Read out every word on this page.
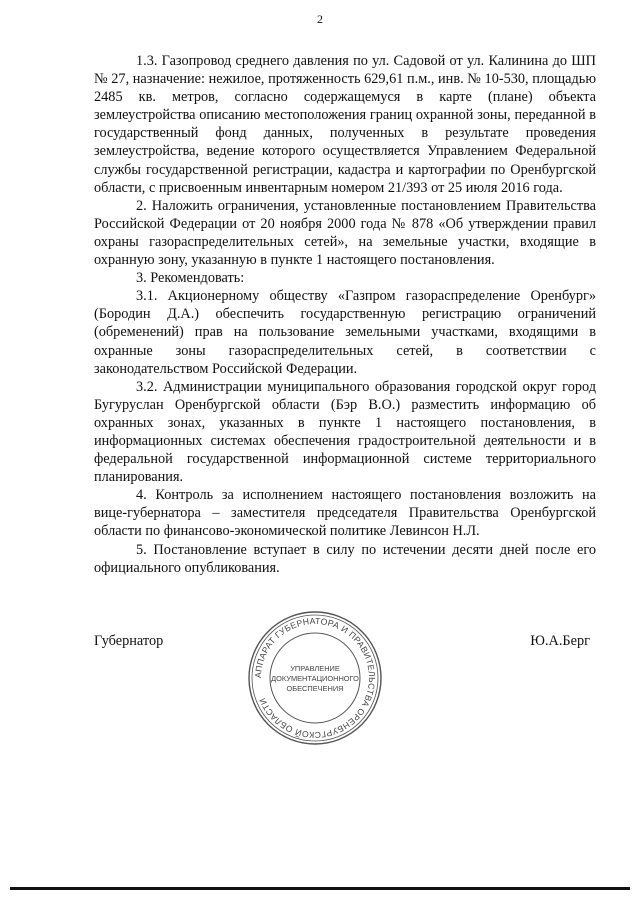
2

1.3. Газопровод среднего давления по ул. Садовой от ул. Калинина до ШП № 27, назначение: нежилое, протяженность 629,61 п.м., инв. № 10-530, площадью 2485 кв. метров, согласно содержащемуся в карте (плане) объекта землеустройства описанию местоположения границ охранной зоны, переданной в государственный фонд данных, полученных в результате проведения землеустройства, ведение которого осуществляется Управлением Федеральной службы государственной регистрации, кадастра и картографии по Оренбургской области, с присвоенным инвентарным номером 21/393 от 25 июля 2016 года.

2. Наложить ограничения, установленные постановлением Правительства Российской Федерации от 20 ноября 2000 года № 878 «Об утверждении правил охраны газораспределительных сетей», на земельные участки, входящие в охранную зону, указанную в пункте 1 настоящего постановления.

3. Рекомендовать:

3.1. Акционерному обществу «Газпром газораспределение Оренбург» (Бородин Д.А.) обеспечить государственную регистрацию ограничений (обременений) прав на пользование земельными участками, входящими в охранные зоны газораспределительных сетей, в соответствии с законодательством Российской Федерации.

3.2. Администрации муниципального образования городской округ город Бугуруслан Оренбургской области (Бэр В.О.) разместить информацию об охранных зонах, указанных в пункте 1 настоящего постановления, в информационных системах обеспечения градостроительной деятельности и в федеральной государственной информационной системе территориального планирования.

4. Контроль за исполнением настоящего постановления возложить на вице-губернатора – заместителя председателя Правительства Оренбургской области по финансово-экономической политике Левинсон Н.Л.

5. Постановление вступает в силу по истечении десяти дней после его официального опубликования.

Губернатор	Ю.А.Берг
АППАРАТ ГУБЕРНАТОРА И ПРАВИТЕЛЬСТВА ОРЕНБУРГСКОЙ ОБЛАСТИ
УПРАВЛЕНИЕ
ДОКУМЕНТАЦИОННОГО
ОБЕСПЕЧЕНИЯ
